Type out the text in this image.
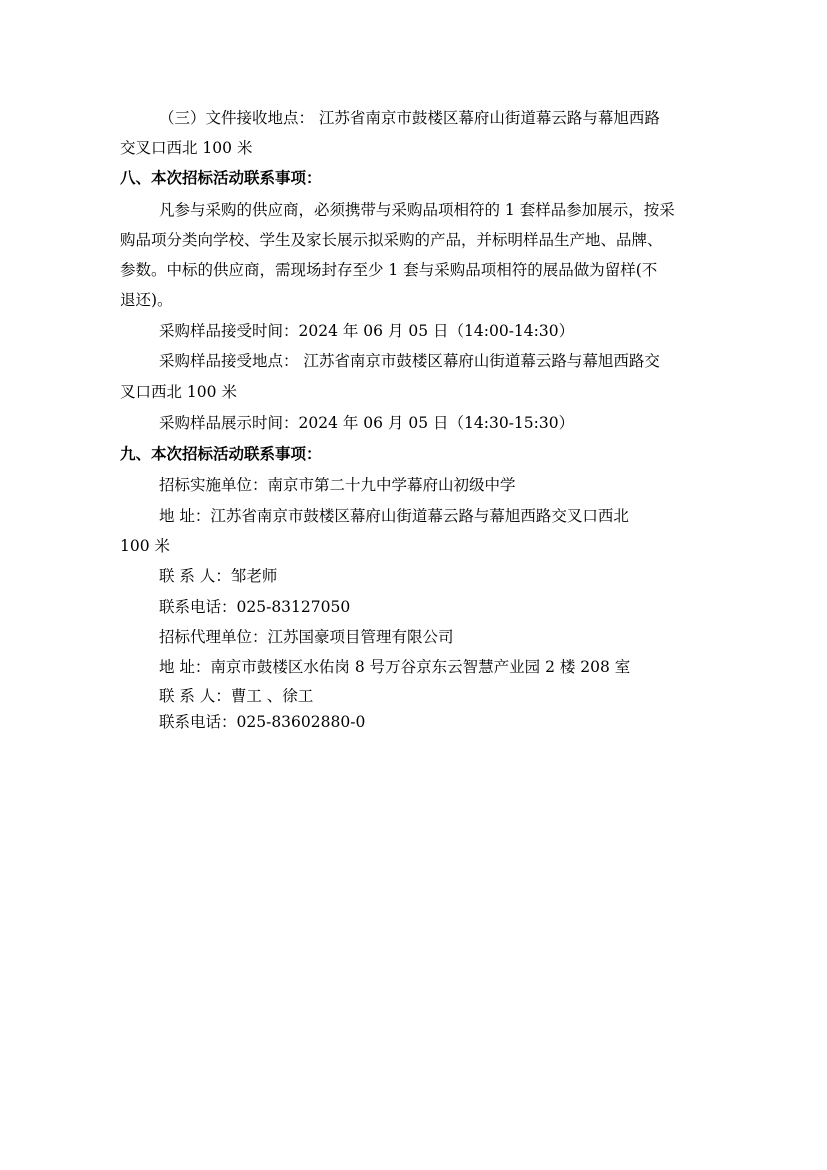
（三）文件接收地点： 江苏省南京市鼓楼区幕府山街道幕云路与幕旭西路
交叉口西北 100 米
八、本次招标活动联系事项：
凡参与采购的供应商，必须携带与采购品项相符的 1 套样品参加展示，按采
购品项分类向学校、学生及家长展示拟采购的产品，并标明样品生产地、品牌、
参数。中标的供应商，需现场封存至少 1 套与采购品项相符的展品做为留样(不
退还)。
采购样品接受时间：2024 年 06 月 05 日（14:00-14:30）
采购样品接受地点： 江苏省南京市鼓楼区幕府山街道幕云路与幕旭西路交
叉口西北 100 米
采购样品展示时间：2024 年 06 月 05 日（14:30-15:30）
九、本次招标活动联系事项：
招标实施单位：南京市第二十九中学幕府山初级中学
地 址：江苏省南京市鼓楼区幕府山街道幕云路与幕旭西路交叉口西北
100 米
联 系 人：邹老师
联系电话：025-83127050
招标代理单位：江苏国豪项目管理有限公司
地 址：南京市鼓楼区水佑岗 8 号万谷京东云智慧产业园 2 楼 208 室
联 系 人：曹工 、徐工
联系电话：025-83602880-0
